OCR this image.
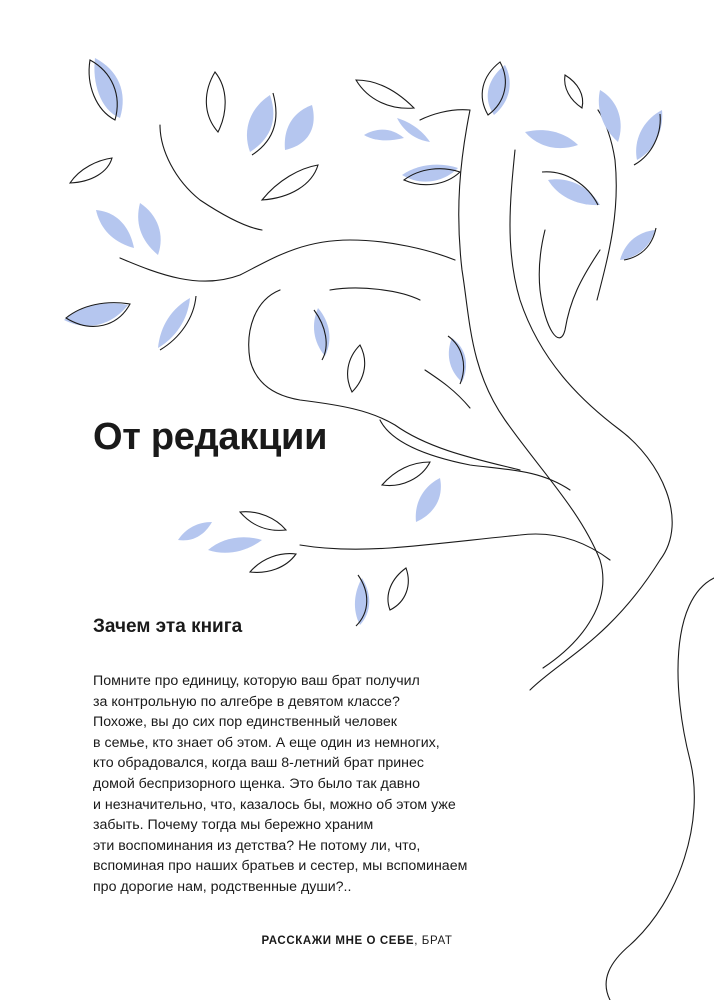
От редакции
Зачем эта книга

Помните про единицу, которую ваш брат получил
за контрольную по алгебре в девятом классе?
Похоже, вы до сих пор единственный человек
в семье, кто знает об этом. А еще один из немногих,
кто обрадовался, когда ваш 8-летний брат принес
домой беспризорного щенка. Это было так давно
и незначительно, что, казалось бы, можно об этом уже
забыть. Почему тогда мы бережно храним
эти воспоминания из детства? Не потому ли, что,
вспоминая про наших братьев и сестер, мы вспоминаем
про дорогие нам, родственные души?..

РАССКАЖИ МНЕ О СЕБЕ, БРАТ
